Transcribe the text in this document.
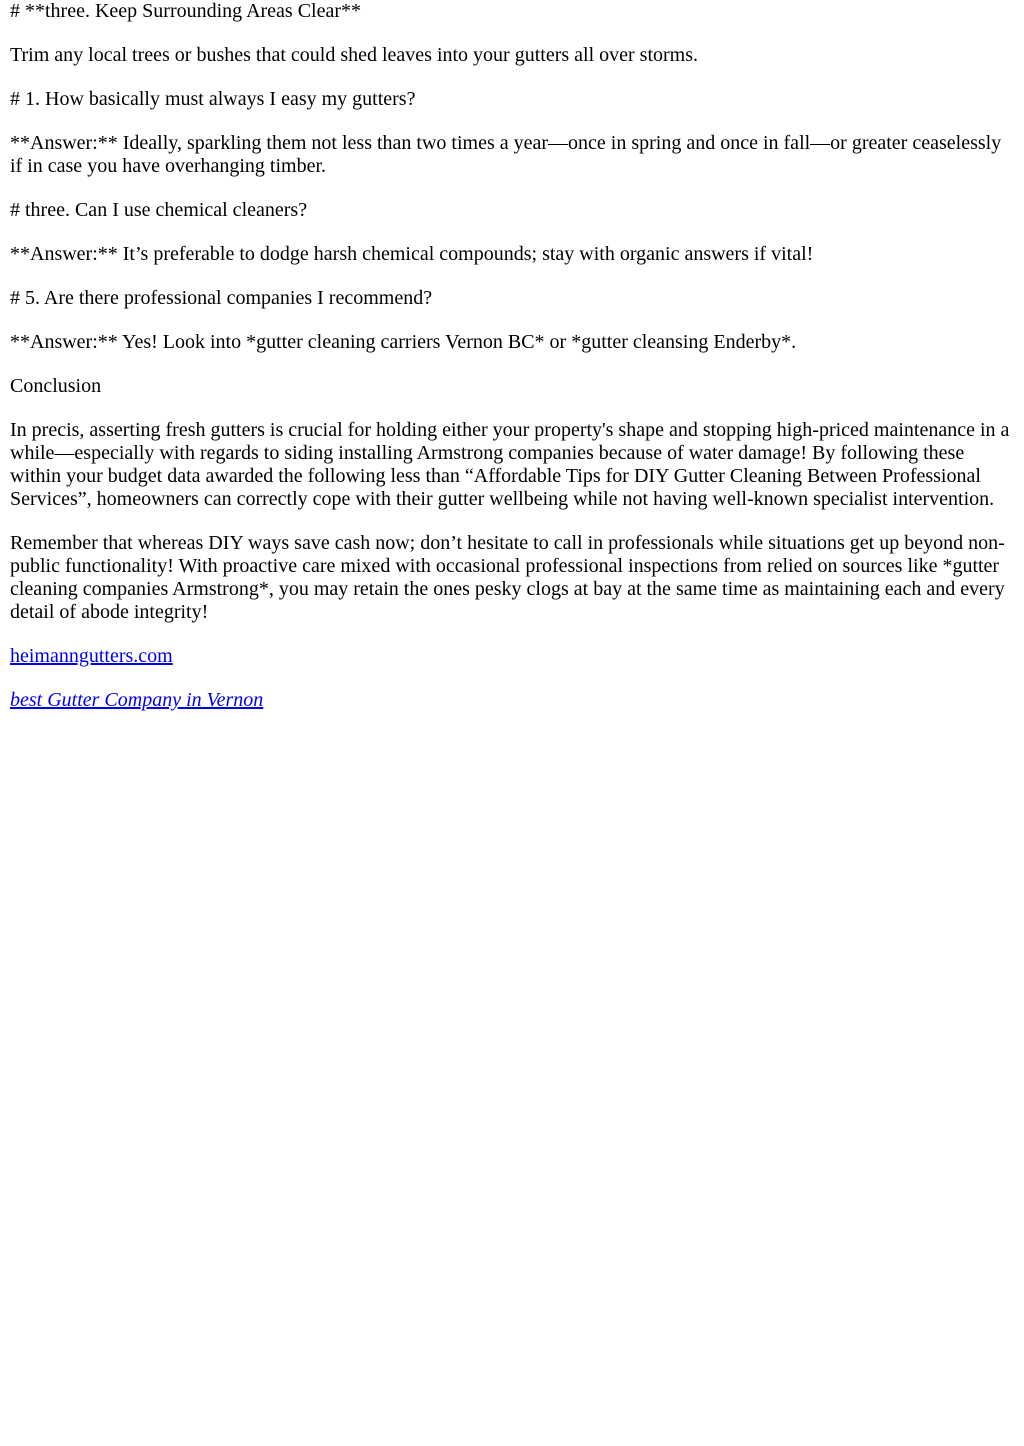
# **three. Keep Surrounding Areas Clear**

Trim any local trees or bushes that could shed leaves into your gutters all over storms.

# 1. How basically must always I easy my gutters?

**Answer:** Ideally, sparkling them not less than two times a year—once in spring and once in fall—or greater ceaselessly if in case you have overhanging timber.

# three. Can I use chemical cleaners?

**Answer:** It’s preferable to dodge harsh chemical compounds; stay with organic answers if vital!

# 5. Are there professional companies I recommend?

**Answer:** Yes! Look into *gutter cleaning carriers Vernon BC* or *gutter cleansing Enderby*.

Conclusion

In precis, asserting fresh gutters is crucial for holding either your property's shape and stopping high-priced maintenance in a while—especially with regards to siding installing Armstrong companies because of water damage! By following these within your budget data awarded the following less than “Affordable Tips for DIY Gutter Cleaning Between Professional Services”, homeowners can correctly cope with their gutter wellbeing while not having well-known specialist intervention.

Remember that whereas DIY ways save cash now; don’t hesitate to call in professionals while situations get up beyond non-public functionality! With proactive care mixed with occasional professional inspections from relied on sources like *gutter cleaning companies Armstrong*, you may retain the ones pesky clogs at bay at the same time as maintaining each and every detail of abode integrity!

heimanngutters.com

best Gutter Company in Vernon
